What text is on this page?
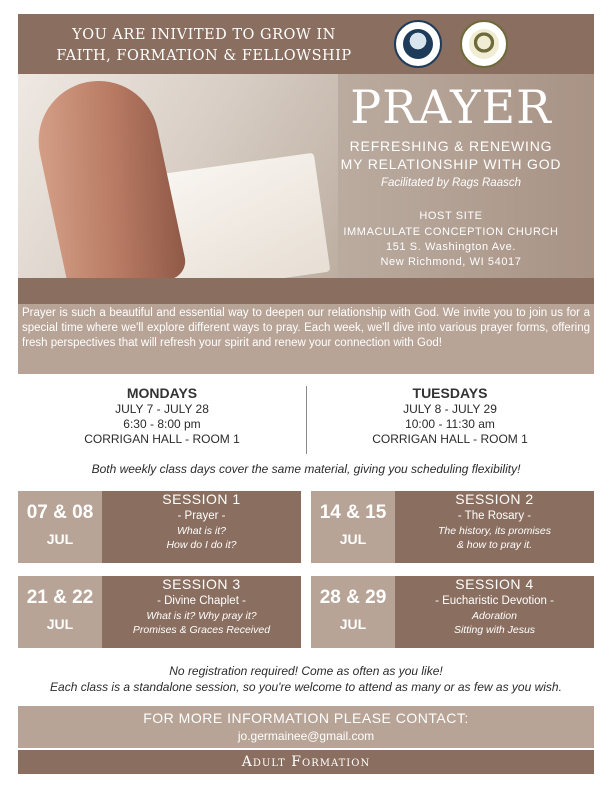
YOU ARE INIVITED TO GROW IN
FAITH, FORMATION & FELLOWSHIP
PRAYER
REFRESHING & RENEWING
MY RELATIONSHIP WITH GOD
Facilitated by Rags Raasch
HOST SITE
IMMACULATE CONCEPTION CHURCH
151 S. Washington Ave.
New Richmond, WI 54017
Prayer is such a beautiful and essential way to deepen our relationship with God. We invite you to join us for a special time where we'll explore different ways to pray. Each week, we'll dive into various prayer forms, offering fresh perspectives that will refresh your spirit and renew your connection with God!
MONDAYS
JULY 7 - JULY 28
6:30 - 8:00 pm
CORRIGAN HALL - ROOM 1
TUESDAYS
JULY 8 - JULY 29
10:00 - 11:30 am
CORRIGAN HALL - ROOM 1
Both weekly class days cover the same material, giving you scheduling flexibility!
07 & 08
JUL
SESSION 1
- Prayer -
What is it?
How do I do it?
14 & 15
JUL
SESSION 2
- The Rosary -
The history, its promises
& how to pray it.
21 & 22
JUL
SESSION 3
- Divine Chaplet -
What is it? Why pray it?
Promises & Graces Received
28 & 29
JUL
SESSION 4
- Eucharistic Devotion -
Adoration
Sitting with Jesus
No registration required! Come as often as you like!
Each class is a standalone session, so you're welcome to attend as many or as few as you wish.
FOR MORE INFORMATION PLEASE CONTACT:
jo.germainee@gmail.com
Adult Formation
